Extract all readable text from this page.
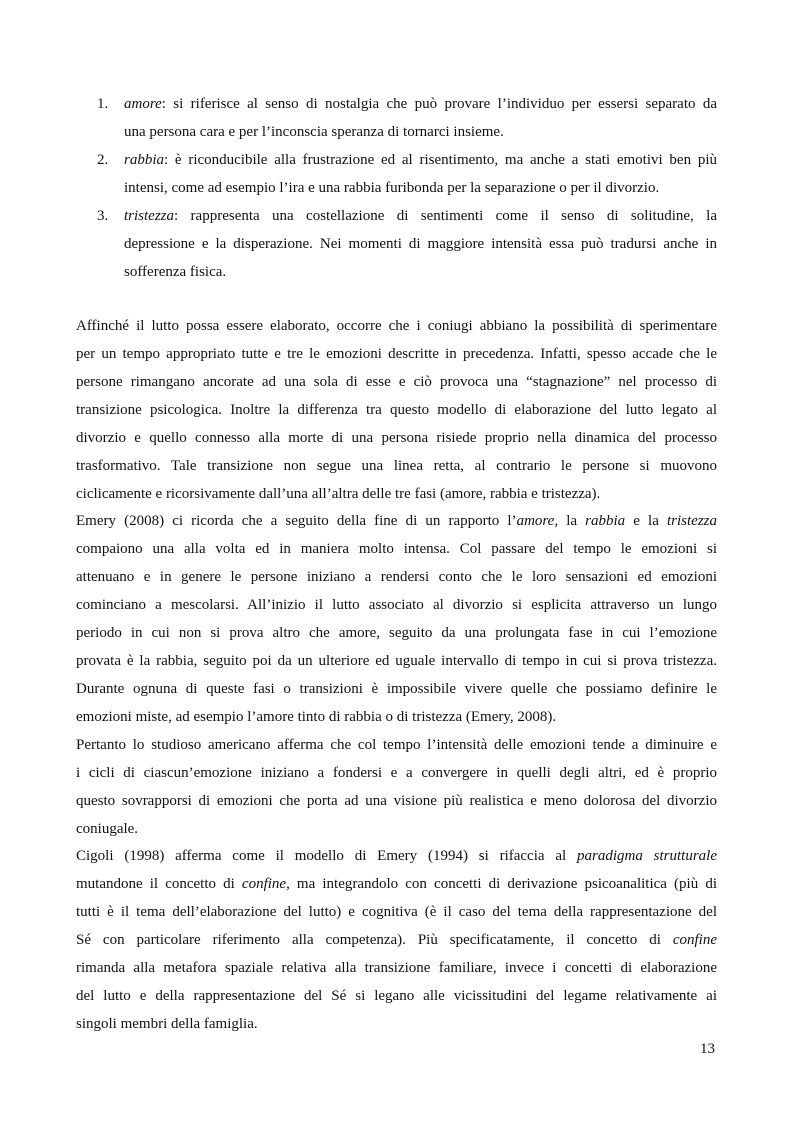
1. amore: si riferisce al senso di nostalgia che può provare l’individuo per essersi separato da
una persona cara e per l’inconscia speranza di tornarci insieme.
2. rabbia: è riconducibile alla frustrazione ed al risentimento, ma anche a stati emotivi ben più
intensi, come ad esempio l’ira e una rabbia furibonda per la separazione o per il divorzio.
3. tristezza: rappresenta una costellazione di sentimenti come il senso di solitudine, la
depressione e la disperazione. Nei momenti di maggiore intensità essa può tradursi anche in
sofferenza fisica.
Affinché il lutto possa essere elaborato, occorre che i coniugi abbiano la possibilità di sperimentare
per un tempo appropriato tutte e tre le emozioni descritte in precedenza. Infatti, spesso accade che le
persone rimangano ancorate ad una sola di esse e ciò provoca una “stagnazione” nel processo di
transizione psicologica. Inoltre la differenza tra questo modello di elaborazione del lutto legato al
divorzio e quello connesso alla morte di una persona risiede proprio nella dinamica del processo
trasformativo. Tale transizione non segue una linea retta, al contrario le persone si muovono
ciclicamente e ricorsivamente dall’una all’altra delle tre fasi (amore, rabbia e tristezza).
Emery (2008) ci ricorda che a seguito della fine di un rapporto l’amore, la rabbia e la tristezza
compaiono una alla volta ed in maniera molto intensa. Col passare del tempo le emozioni si
attenuano e in genere le persone iniziano a rendersi conto che le loro sensazioni ed emozioni
cominciano a mescolarsi. All’inizio il lutto associato al divorzio si esplicita attraverso un lungo
periodo in cui non si prova altro che amore, seguito da una prolungata fase in cui l’emozione
provata è la rabbia, seguito poi da un ulteriore ed uguale intervallo di tempo in cui si prova tristezza.
Durante ognuna di queste fasi o transizioni è impossibile vivere quelle che possiamo definire le
emozioni miste, ad esempio l’amore tinto di rabbia o di tristezza (Emery, 2008).
Pertanto lo studioso americano afferma che col tempo l’intensità delle emozioni tende a diminuire e
i cicli di ciascun’emozione iniziano a fondersi e a convergere in quelli degli altri, ed è proprio
questo sovrapporsi di emozioni che porta ad una visione più realistica e meno dolorosa del divorzio
coniugale.
Cigoli (1998) afferma come il modello di Emery (1994) si rifaccia al paradigma strutturale
mutandone il concetto di confine, ma integrandolo con concetti di derivazione psicoanalitica (più di
tutti è il tema dell’elaborazione del lutto) e cognitiva (è il caso del tema della rappresentazione del
Sé con particolare riferimento alla competenza). Più specificatamente, il concetto di confine
rimanda alla metafora spaziale relativa alla transizione familiare, invece i concetti di elaborazione
del lutto e della rappresentazione del Sé si legano alle vicissitudini del legame relativamente ai
singoli membri della famiglia.
13
